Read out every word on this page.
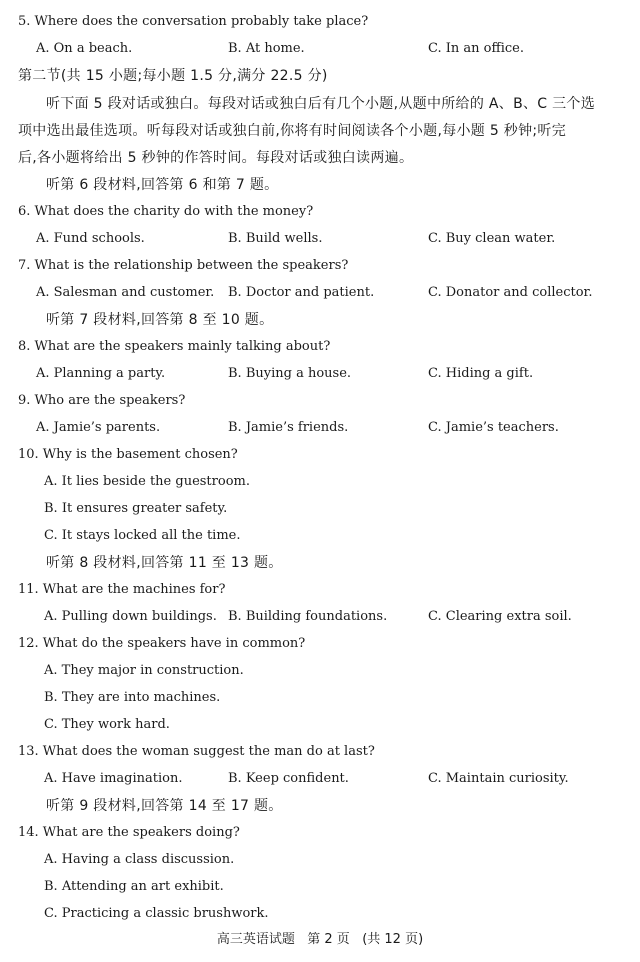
5. Where does the conversation probably take place?
A. On a beach.	B. At home.	C. In an office.
第二节(共 15 小题;每小题 1.5 分,满分 22.5 分)
听下面 5 段对话或独白。每段对话或独白后有几个小题,从题中所给的 A、B、C 三个选
项中选出最佳选项。听每段对话或独白前,你将有时间阅读各个小题,每小题 5 秒钟;听完
后,各小题将给出 5 秒钟的作答时间。每段对话或独白读两遍。
听第 6 段材料,回答第 6 和第 7 题。
6. What does the charity do with the money?
A. Fund schools.	B. Build wells.	C. Buy clean water.
7. What is the relationship between the speakers?
A. Salesman and customer. B. Doctor and patient.	C. Donator and collector.
听第 7 段材料,回答第 8 至 10 题。
8. What are the speakers mainly talking about?
A. Planning a party.	B. Buying a house.	C. Hiding a gift.
9. Who are the speakers?
A. Jamie’s parents.	B. Jamie’s friends.	C. Jamie’s teachers.
10. Why is the basement chosen?
A. It lies beside the guestroom.
B. It ensures greater safety.
C. It stays locked all the time.
听第 8 段材料,回答第 11 至 13 题。
11. What are the machines for?
A. Pulling down buildings. B. Building foundations.	C. Clearing extra soil.
12. What do the speakers have in common?
A. They major in construction.
B. They are into machines.
C. They work hard.
13. What does the woman suggest the man do at last?
A. Have imagination.	B. Keep confident.	C. Maintain curiosity.
听第 9 段材料,回答第 14 至 17 题。
14. What are the speakers doing?
A. Having a class discussion.
B. Attending an art exhibit.
C. Practicing a classic brushwork.
高三英语试题   第 2 页   (共 12 页)
